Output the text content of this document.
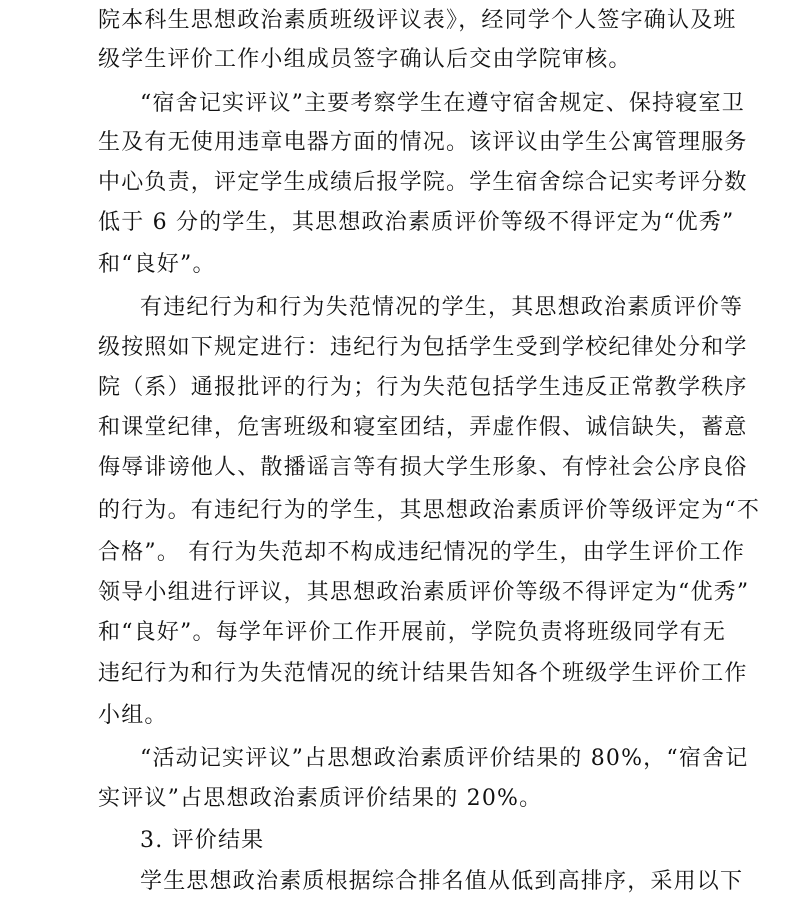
院本科生思想政治素质班级评议表》，经同学个人签字确认及班
级学生评价工作小组成员签字确认后交由学院审核。
“宿舍记实评议”主要考察学生在遵守宿舍规定、保持寝室卫
生及有无使用违章电器方面的情况。该评议由学生公寓管理服务
中心负责，评定学生成绩后报学院。学生宿舍综合记实考评分数
低于 6 分的学生，其思想政治素质评价等级不得评定为“优秀”
和“良好”。
有违纪行为和行为失范情况的学生，其思想政治素质评价等
级按照如下规定进行：违纪行为包括学生受到学校纪律处分和学
院（系）通报批评的行为；行为失范包括学生违反正常教学秩序
和课堂纪律，危害班级和寝室团结，弄虚作假、诚信缺失，蓄意
侮辱诽谤他人、散播谣言等有损大学生形象、有悖社会公序良俗
的行为。有违纪行为的学生，其思想政治素质评价等级评定为“不
合格”。 有行为失范却不构成违纪情况的学生，由学生评价工作
领导小组进行评议，其思想政治素质评价等级不得评定为“优秀”
和“良好”。每学年评价工作开展前，学院负责将班级同学有无
违纪行为和行为失范情况的统计结果告知各个班级学生评价工作
小组。
“活动记实评议”占思想政治素质评价结果的 80%，“宿舍记
实评议”占思想政治素质评价结果的 20%。
3. 评价结果
学生思想政治素质根据综合排名值从低到高排序，采用以下
